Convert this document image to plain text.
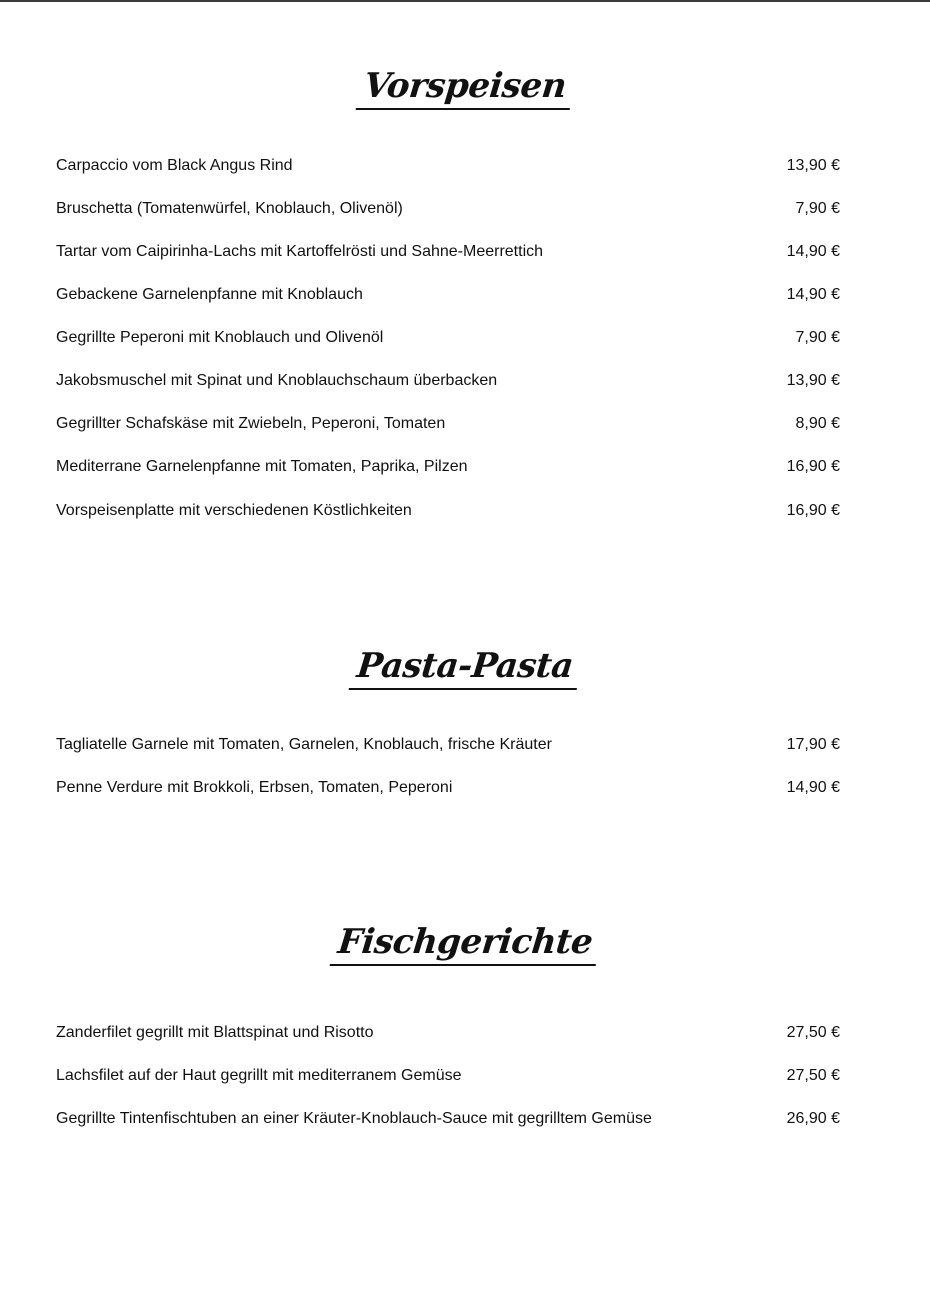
Vorspeisen
Carpaccio vom Black Angus Rind	13,90 €
Bruschetta (Tomatenwürfel, Knoblauch, Olivenöl)	7,90 €
Tartar vom Caipirinha-Lachs mit Kartoffelrösti und Sahne-Meerrettich	14,90 €
Gebackene Garnelenpfanne mit Knoblauch	14,90 €
Gegrillte Peperoni mit Knoblauch und Olivenöl	7,90 €
Jakobsmuschel mit Spinat und Knoblauchschaum überbacken	13,90 €
Gegrillter Schafskäse mit Zwiebeln, Peperoni, Tomaten	8,90 €
Mediterrane Garnelenpfanne mit Tomaten, Paprika, Pilzen	16,90 €
Vorspeisenplatte mit verschiedenen Köstlichkeiten	16,90 €
Pasta-Pasta
Tagliatelle Garnele mit Tomaten, Garnelen, Knoblauch, frische Kräuter	17,90 €
Penne Verdure mit Brokkoli, Erbsen, Tomaten, Peperoni	14,90 €
Fischgerichte
Zanderfilet gegrillt mit Blattspinat und Risotto	27,50 €
Lachsfilet auf der Haut gegrillt mit mediterranem Gemüse	27,50 €
Gegrillte Tintenfischtuben an einer Kräuter-Knoblauch-Sauce mit gegrilltem Gemüse	26,90 €
